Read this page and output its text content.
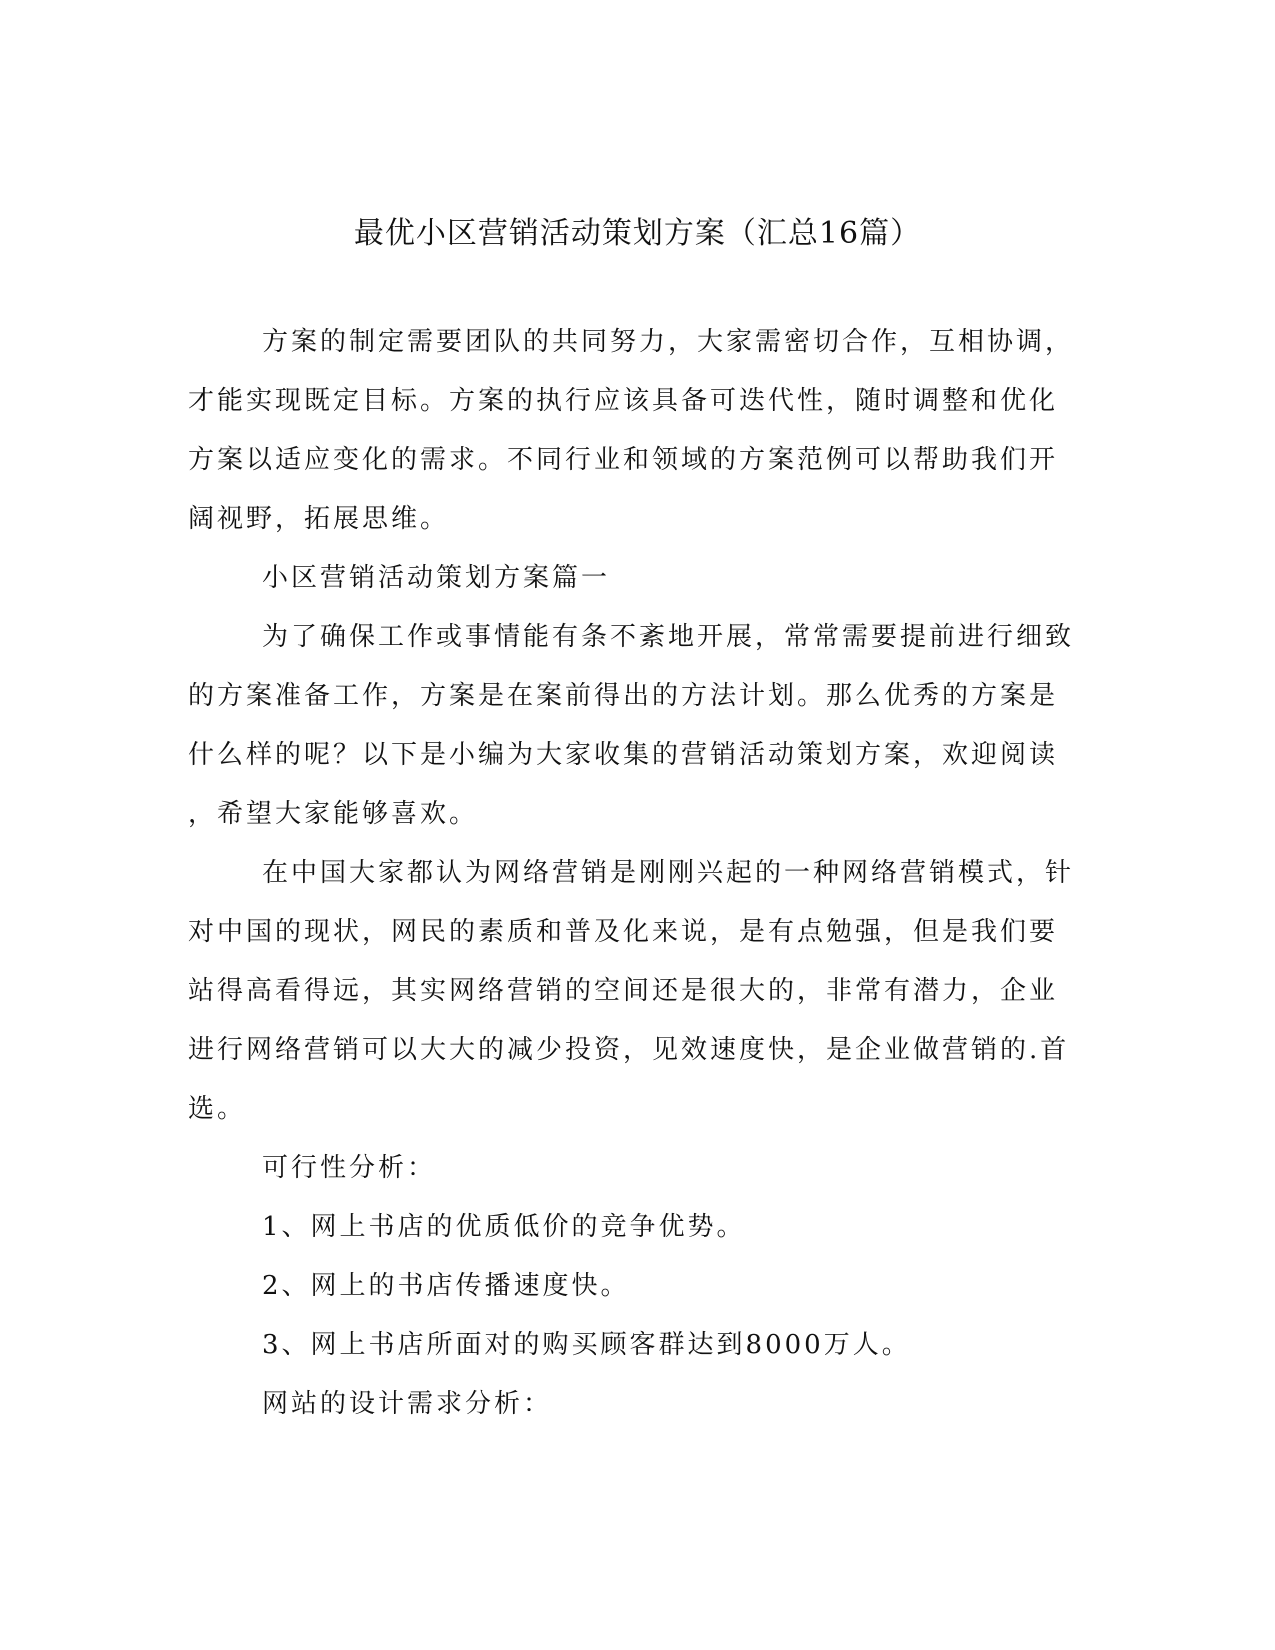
最优小区营销活动策划方案（汇总16篇）
方案的制定需要团队的共同努力，大家需密切合作，互相协调，
才能实现既定目标。方案的执行应该具备可迭代性，随时调整和优化
方案以适应变化的需求。不同行业和领域的方案范例可以帮助我们开
阔视野，拓展思维。
小区营销活动策划方案篇一
为了确保工作或事情能有条不紊地开展，常常需要提前进行细致
的方案准备工作，方案是在案前得出的方法计划。那么优秀的方案是
什么样的呢？以下是小编为大家收集的营销活动策划方案，欢迎阅读
，希望大家能够喜欢。
在中国大家都认为网络营销是刚刚兴起的一种网络营销模式，针
对中国的现状，网民的素质和普及化来说，是有点勉强，但是我们要
站得高看得远，其实网络营销的空间还是很大的，非常有潜力，企业
进行网络营销可以大大的减少投资，见效速度快，是企业做营销的.首
选。
可行性分析：
1、网上书店的优质低价的竞争优势。
2、网上的书店传播速度快。
3、网上书店所面对的购买顾客群达到8000万人。
网站的设计需求分析：
